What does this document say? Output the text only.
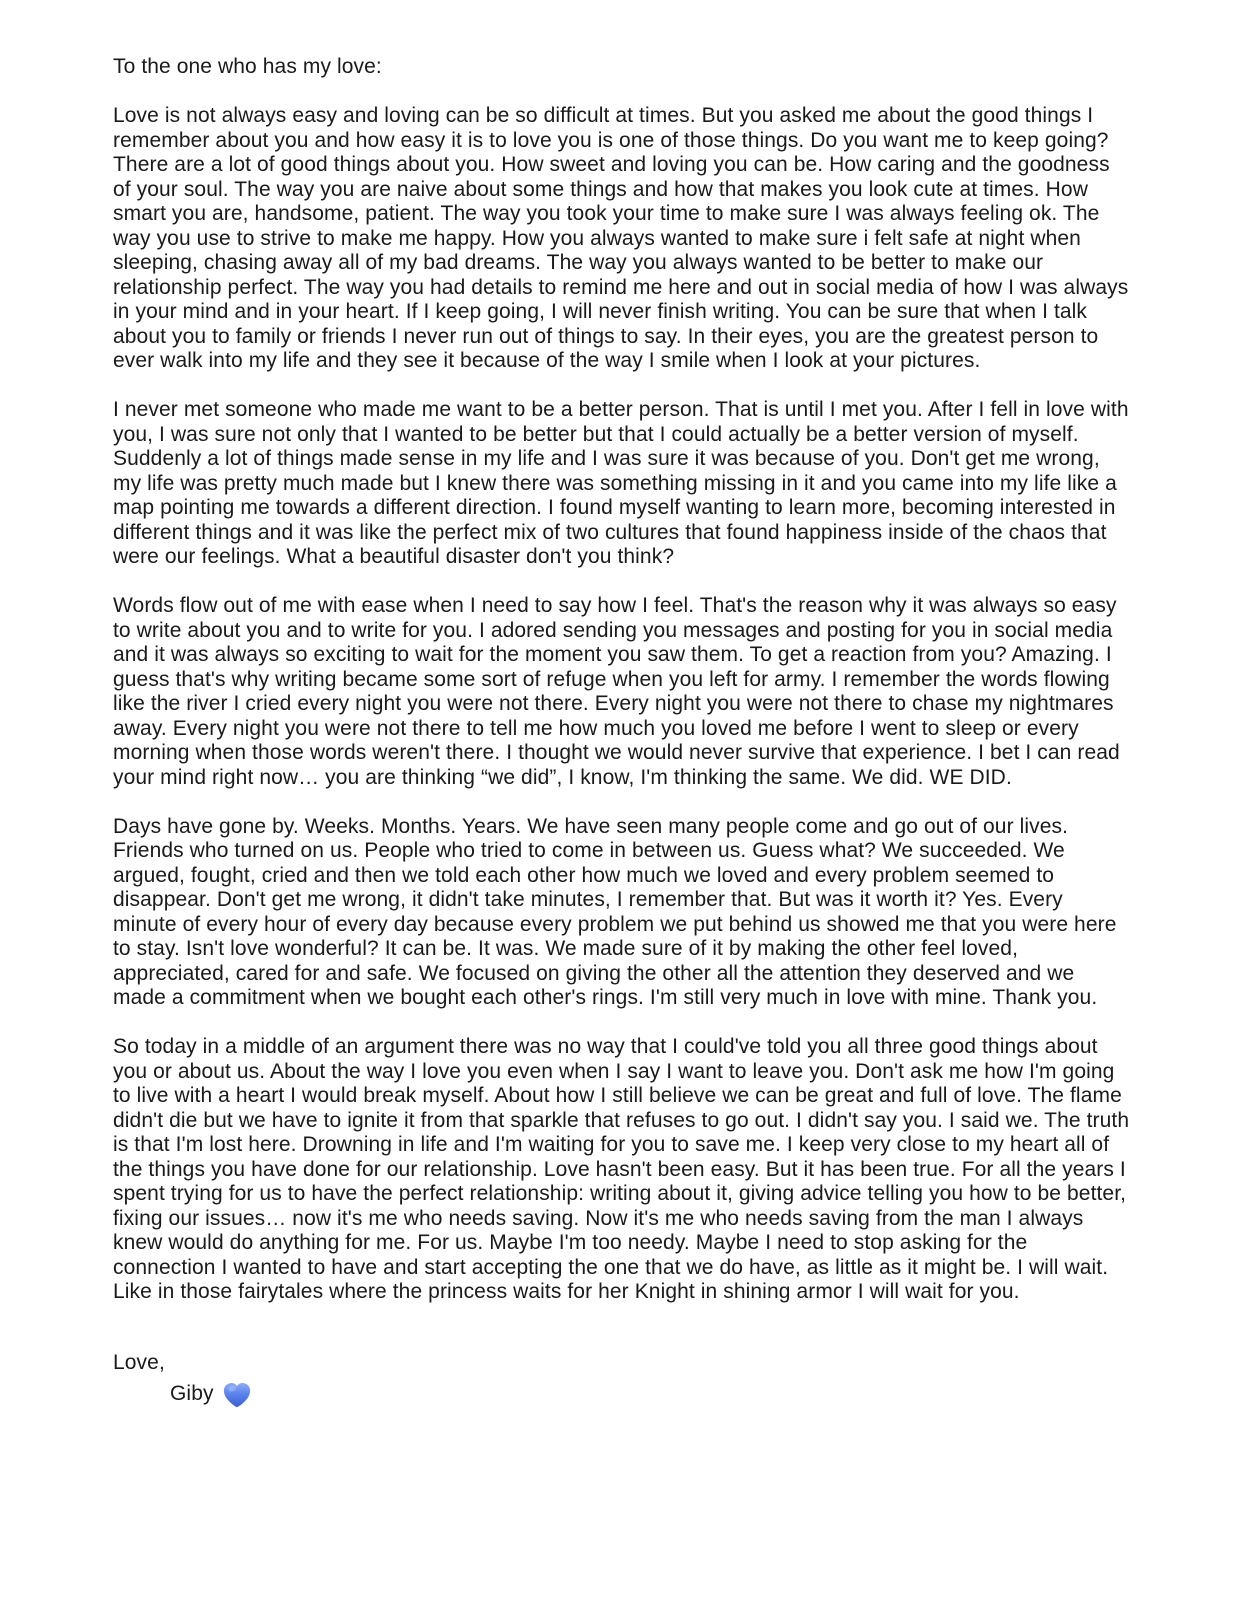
To the one who has my love:

Love is not always easy and loving can be so difficult at times. But you asked me about the good things I remember about you and how easy it is to love you is one of those things. Do you want me to keep going? There are a lot of good things about you. How sweet and loving you can be. How caring and the goodness of your soul. The way you are naive about some things and how that makes you look cute at times. How smart you are, handsome, patient. The way you took your time to make sure I was always feeling ok. The way you use to strive to make me happy. How you always wanted to make sure i felt safe at night when sleeping, chasing away all of my bad dreams. The way you always wanted to be better to make our relationship perfect. The way you had details to remind me here and out in social media of how I was always in your mind and in your heart. If I keep going, I will never finish writing. You can be sure that when I talk about you to family or friends I never run out of things to say. In their eyes, you are the greatest person to ever walk into my life and they see it because of the way I smile when I look at your pictures.

I never met someone who made me want to be a better person. That is until I met you. After I fell in love with you, I was sure not only that I wanted to be better but that I could actually be a better version of myself. Suddenly a lot of things made sense in my life and I was sure it was because of you. Don't get me wrong, my life was pretty much made but I knew there was something missing in it and you came into my life like a map pointing me towards a different direction. I found myself wanting to learn more, becoming interested in different things and it was like the perfect mix of two cultures that found happiness inside of the chaos that were our feelings. What a beautiful disaster don't you think?

Words flow out of me with ease when I need to say how I feel. That's the reason why it was always so easy to write about you and to write for you. I adored sending you messages and posting for you in social media and it was always so exciting to wait for the moment you saw them. To get a reaction from you? Amazing. I guess that's why writing became some sort of refuge when you left for army. I remember the words flowing like the river I cried every night you were not there. Every night you were not there to chase my nightmares away. Every night you were not there to tell me how much you loved me before I went to sleep or every morning when those words weren't there. I thought we would never survive that experience. I bet I can read your mind right now… you are thinking “we did”, I know, I'm thinking the same. We did. WE DID.

Days have gone by. Weeks. Months. Years. We have seen many people come and go out of our lives. Friends who turned on us. People who tried to come in between us. Guess what? We succeeded. We argued, fought, cried and then we told each other how much we loved and every problem seemed to disappear. Don't get me wrong, it didn't take minutes, I remember that. But was it worth it? Yes. Every minute of every hour of every day because every problem we put behind us showed me that you were here to stay. Isn't love wonderful? It can be. It was. We made sure of it by making the other feel loved, appreciated, cared for and safe. We focused on giving the other all the attention they deserved and we made a commitment when we bought each other's rings. I'm still very much in love with mine. Thank you.

So today in a middle of an argument there was no way that I could've told you all three good things about you or about us. About the way I love you even when I say I want to leave you. Don't ask me how I'm going to live with a heart I would break myself. About how I still believe we can be great and full of love. The flame didn't die but we have to ignite it from that sparkle that refuses to go out. I didn't say you. I said we. The truth is that I'm lost here. Drowning in life and I'm waiting for you to save me. I keep very close to my heart all of the things you have done for our relationship. Love hasn't been easy. But it has been true. For all the years I spent trying for us to have the perfect relationship: writing about it, giving advice telling you how to be better, fixing our issues… now it's me who needs saving. Now it's me who needs saving from the man I always knew would do anything for me. For us. Maybe I'm too needy. Maybe I need to stop asking for the connection I wanted to have and start accepting the one that we do have, as little as it might be. I will wait. Like in those fairytales where the princess waits for her Knight in shining armor I will wait for you.

Love,

Giby
